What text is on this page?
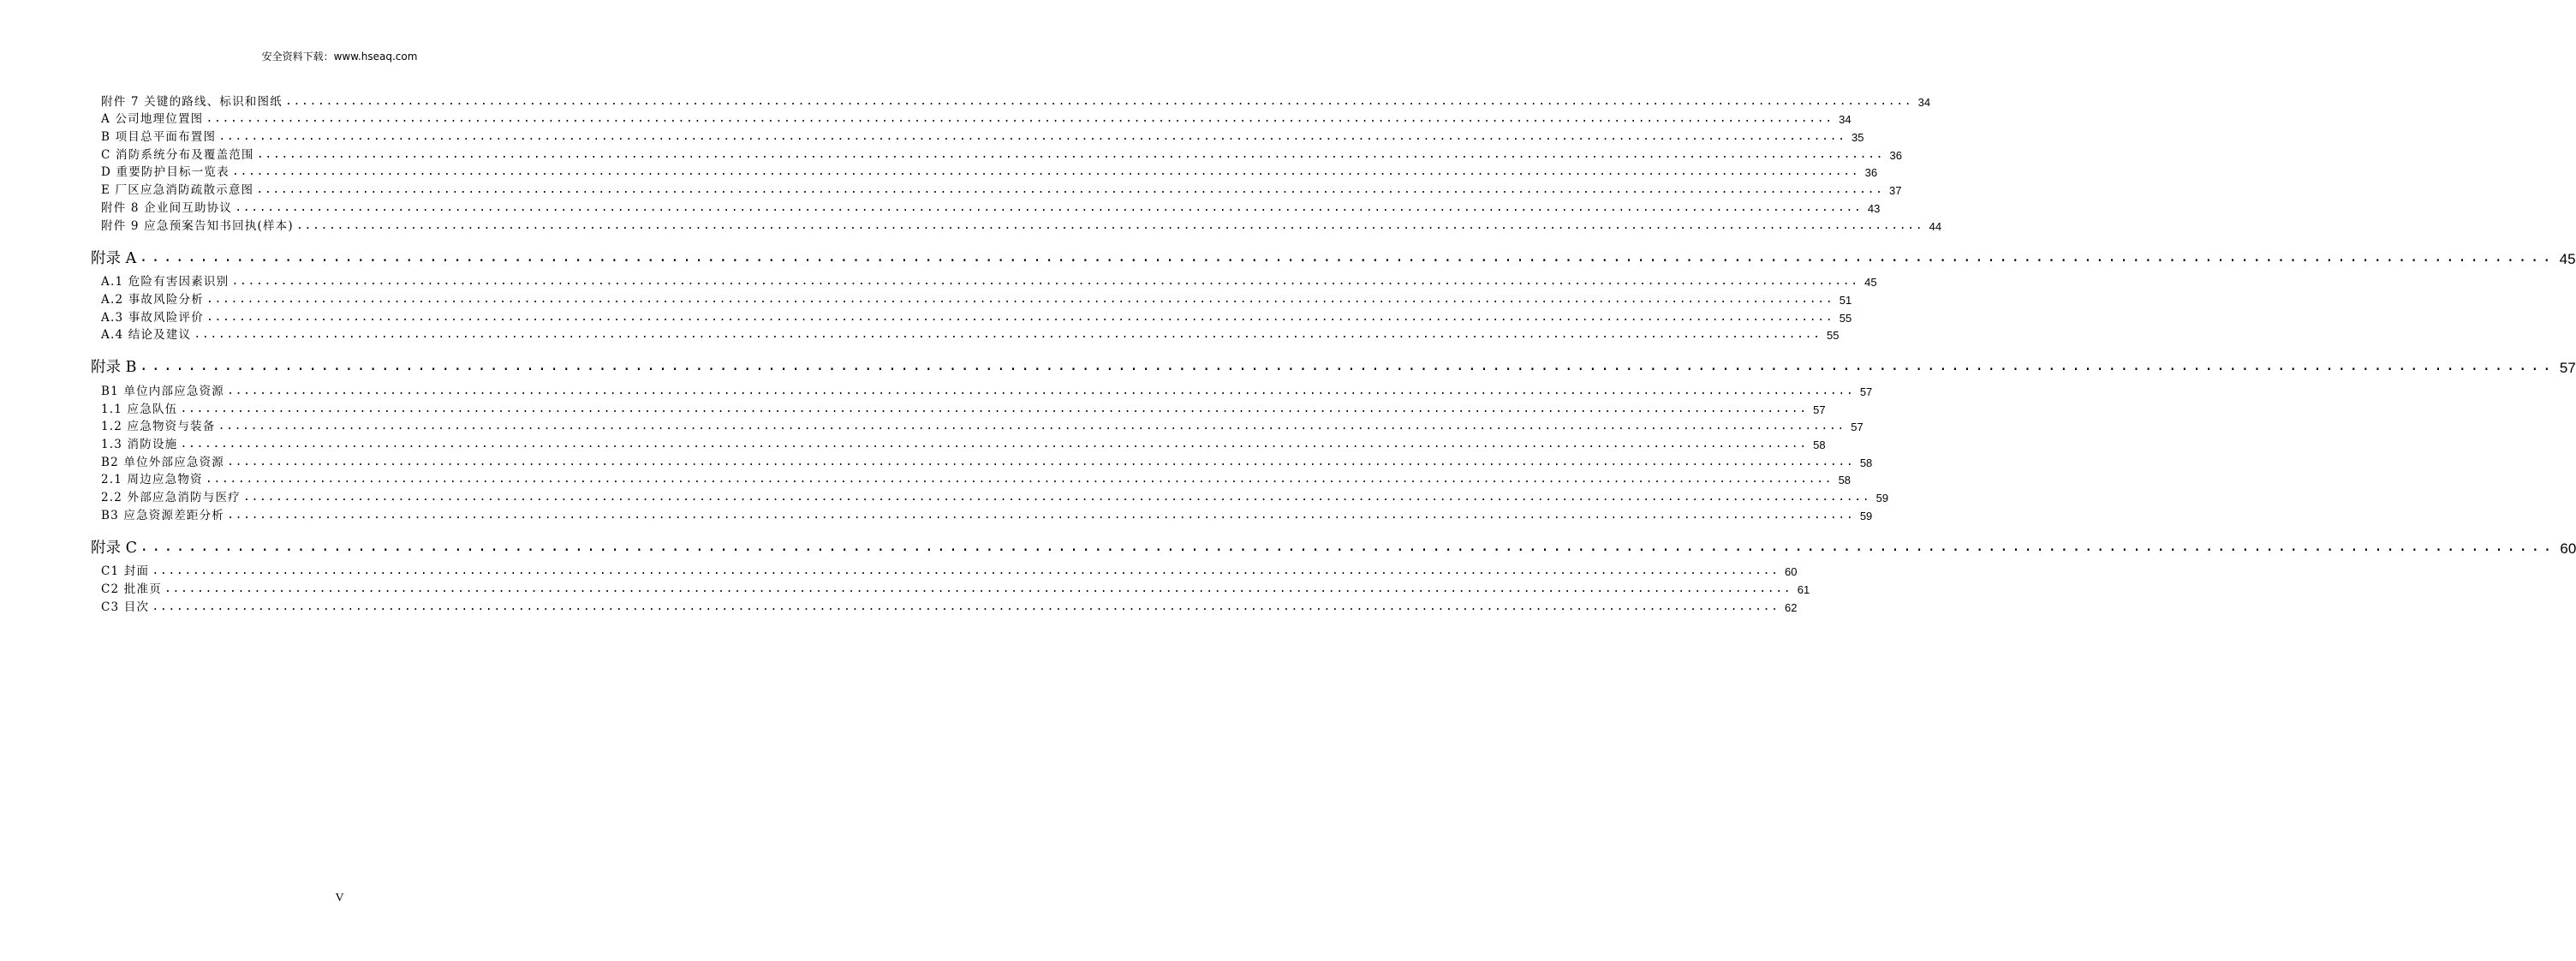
安全资料下载：www.hseaq.com
附件 7 关键的路线、标识和图纸 ........................................................................................................................................................................................................ 34
A 公司地理位置图 ........................................................................................................................................................................................................ 34
B 项目总平面布置图 ........................................................................................................................................................................................................ 35
C 消防系统分布及覆盖范围 ........................................................................................................................................................................................................ 36
D 重要防护目标一览表 ........................................................................................................................................................................................................ 36
E 厂区应急消防疏散示意图 ........................................................................................................................................................................................................ 37
附件 8 企业间互助协议 ........................................................................................................................................................................................................ 43
附件 9 应急预案告知书回执(样本) ........................................................................................................................................................................................................ 44
附录 A ........................................................................................................................................................................................................ 45
A.1 危险有害因素识别 ........................................................................................................................................................................................................ 45
A.2 事故风险分析 ........................................................................................................................................................................................................ 51
A.3 事故风险评价 ........................................................................................................................................................................................................ 55
A.4 结论及建议 ........................................................................................................................................................................................................ 55
附录 B ........................................................................................................................................................................................................ 57
B1 单位内部应急资源 ........................................................................................................................................................................................................ 57
1.1 应急队伍 ........................................................................................................................................................................................................ 57
1.2 应急物资与装备 ........................................................................................................................................................................................................ 57
1.3 消防设施 ........................................................................................................................................................................................................ 58
B2 单位外部应急资源 ........................................................................................................................................................................................................ 58
2.1 周边应急物资 ........................................................................................................................................................................................................ 58
2.2 外部应急消防与医疗 ........................................................................................................................................................................................................ 59
B3 应急资源差距分析 ........................................................................................................................................................................................................ 59
附录 C ........................................................................................................................................................................................................ 60
C1 封面 ........................................................................................................................................................................................................ 60
C2 批准页 ........................................................................................................................................................................................................ 61
C3 目次 ........................................................................................................................................................................................................ 62
V
